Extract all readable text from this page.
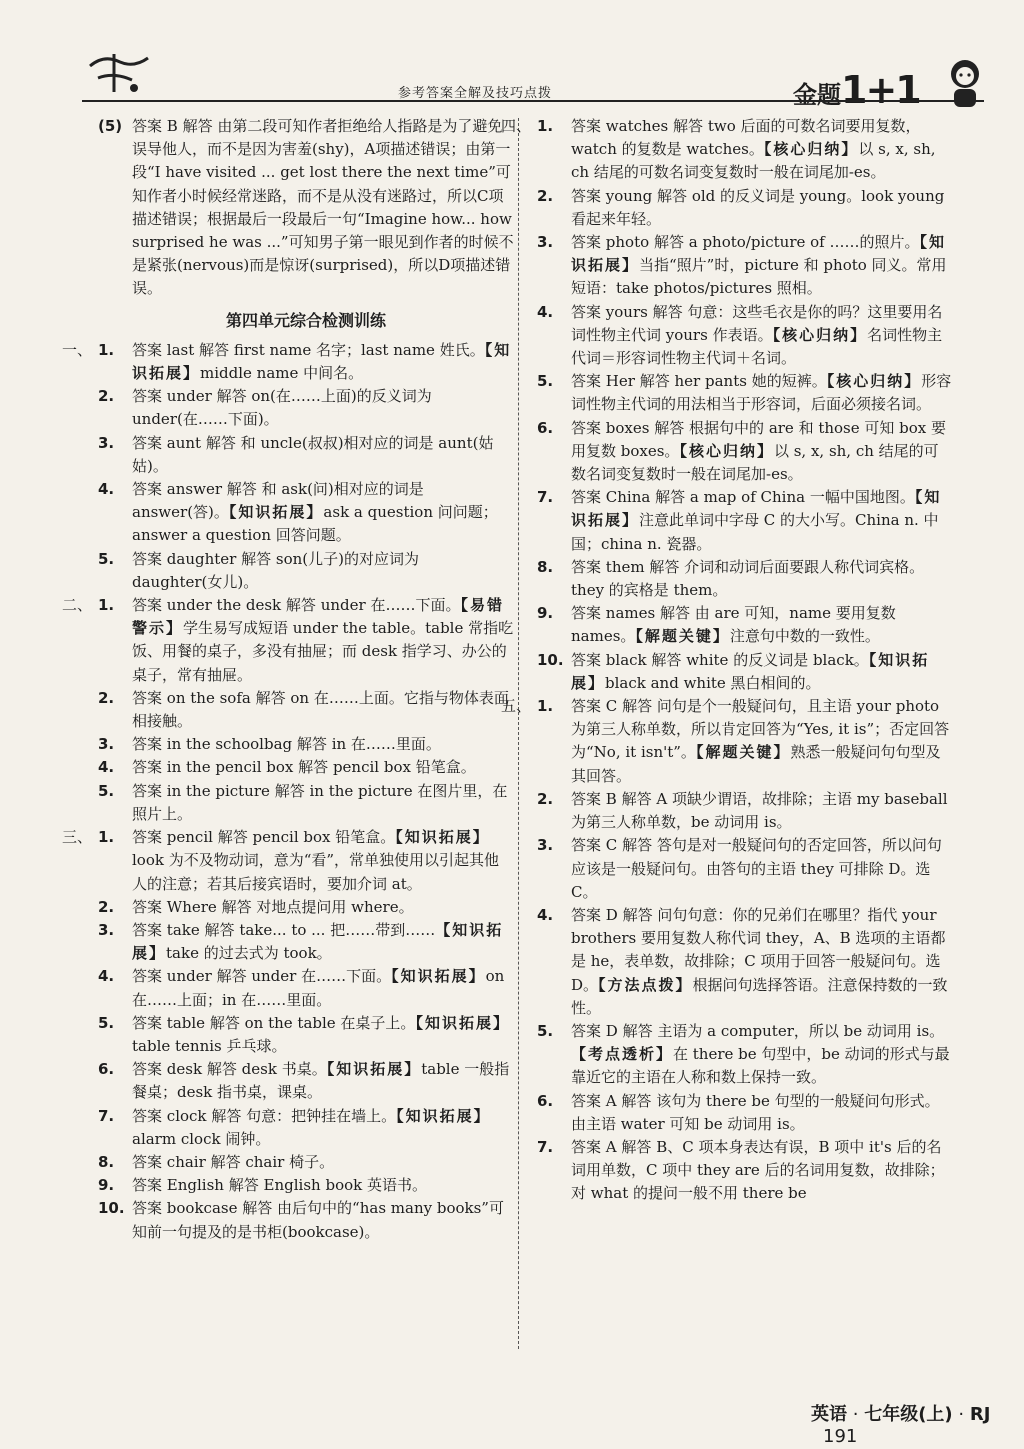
参考答案全解及技巧点拨	金题1+1

(5) 答案 B 解答 由第二段可知作者拒绝给人指路是为了避免误导他人，而不是因为害羞(shy)，A项描述错误；由第一段“I have visited ... get lost there the next time”可知作者小时候经常迷路，而不是从没有迷路过，所以C项描述错误；根据最后一段最后一句“Imagine how... how surprised he was ...”可知男子第一眼见到作者的时候不是紧张(nervous)而是惊讶(surprised)，所以D项描述错误。

第四单元综合检测训练

一、 1. 答案 last 解答 first name 名字；last name 姓氏。【知识拓展】middle name 中间名。

2. 答案 under 解答 on(在……上面)的反义词为 under(在……下面)。

3. 答案 aunt 解答 和 uncle(叔叔)相对应的词是 aunt(姑姑)。

4. 答案 answer 解答 和 ask(问)相对应的词是 answer(答)。【知识拓展】ask a question 问问题；answer a question 回答问题。

5. 答案 daughter 解答 son(儿子)的对应词为 daughter(女儿)。

二、 1. 答案 under the desk 解答 under 在……下面。【易错警示】学生易写成短语 under the table。table 常指吃饭、用餐的桌子，多没有抽屉；而 desk 指学习、办公的桌子，常有抽屉。

2. 答案 on the sofa 解答 on 在……上面。它指与物体表面相接触。

3. 答案 in the schoolbag 解答 in 在……里面。

4. 答案 in the pencil box 解答 pencil box 铅笔盒。

5. 答案 in the picture 解答 in the picture 在图片里，在照片上。

三、 1. 答案 pencil 解答 pencil box 铅笔盒。【知识拓展】look 为不及物动词，意为“看”，常单独使用以引起其他人的注意；若其后接宾语时，要加介词 at。

2. 答案 Where 解答 对地点提问用 where。

3. 答案 take 解答 take... to ... 把……带到……【知识拓展】take 的过去式为 took。

4. 答案 under 解答 under 在……下面。【知识拓展】on 在……上面；in 在……里面。

5. 答案 table 解答 on the table 在桌子上。【知识拓展】table tennis 乒乓球。

6. 答案 desk 解答 desk 书桌。【知识拓展】table 一般指餐桌；desk 指书桌，课桌。

7. 答案 clock 解答 句意：把钟挂在墙上。【知识拓展】alarm clock 闹钟。

8. 答案 chair 解答 chair 椅子。

9. 答案 English 解答 English book 英语书。

10. 答案 bookcase 解答 由后句中的“has many books”可知前一句提及的是书柜(bookcase)。

四、 1. 答案 watches 解答 two 后面的可数名词要用复数，watch 的复数是 watches。【核心归纳】以 s, x, sh, ch 结尾的可数名词变复数时一般在词尾加-es。

2. 答案 young 解答 old 的反义词是 young。look young 看起来年轻。

3. 答案 photo 解答 a photo/picture of ……的照片。【知识拓展】当指“照片”时，picture 和 photo 同义。常用短语：take photos/pictures 照相。

4. 答案 yours 解答 句意：这些毛衣是你的吗？这里要用名词性物主代词 yours 作表语。【核心归纳】名词性物主代词＝形容词性物主代词＋名词。

5. 答案 Her 解答 her pants 她的短裤。【核心归纳】形容词性物主代词的用法相当于形容词，后面必须接名词。

6. 答案 boxes 解答 根据句中的 are 和 those 可知 box 要用复数 boxes。【核心归纳】以 s, x, sh, ch 结尾的可数名词变复数时一般在词尾加-es。

7. 答案 China 解答 a map of China 一幅中国地图。【知识拓展】注意此单词中字母 C 的大小写。China n. 中国；china n. 瓷器。

8. 答案 them 解答 介词和动词后面要跟人称代词宾格。they 的宾格是 them。

9. 答案 names 解答 由 are 可知，name 要用复数 names。【解题关键】注意句中数的一致性。

10. 答案 black 解答 white 的反义词是 black。【知识拓展】black and white 黑白相间的。

五、 1. 答案 C 解答 问句是个一般疑问句，且主语 your photo 为第三人称单数，所以肯定回答为“Yes, it is”；否定回答为“No, it isn't”。【解题关键】熟悉一般疑问句句型及其回答。

2. 答案 B 解答 A 项缺少谓语，故排除；主语 my baseball 为第三人称单数，be 动词用 is。

3. 答案 C 解答 答句是对一般疑问句的否定回答，所以问句应该是一般疑问句。由答句的主语 they 可排除 D。选 C。

4. 答案 D 解答 问句句意：你的兄弟们在哪里？指代 your brothers 要用复数人称代词 they，A、B 选项的主语都是 he，表单数，故排除；C 项用于回答一般疑问句。选 D。【方法点拨】根据问句选择答语。注意保持数的一致性。

5. 答案 D 解答 主语为 a computer，所以 be 动词用 is。【考点透析】在 there be 句型中，be 动词的形式与最靠近它的主语在人称和数上保持一致。

6. 答案 A 解答 该句为 there be 句型的一般疑问句形式。由主语 water 可知 be 动词用 is。

7. 答案 A 解答 B、C 项本身表达有误，B 项中 it's 后的名词用单数，C 项中 they are 后的名词用复数，故排除；对 what 的提问一般不用 there be

英语 · 七年级(上) · RJ 191
